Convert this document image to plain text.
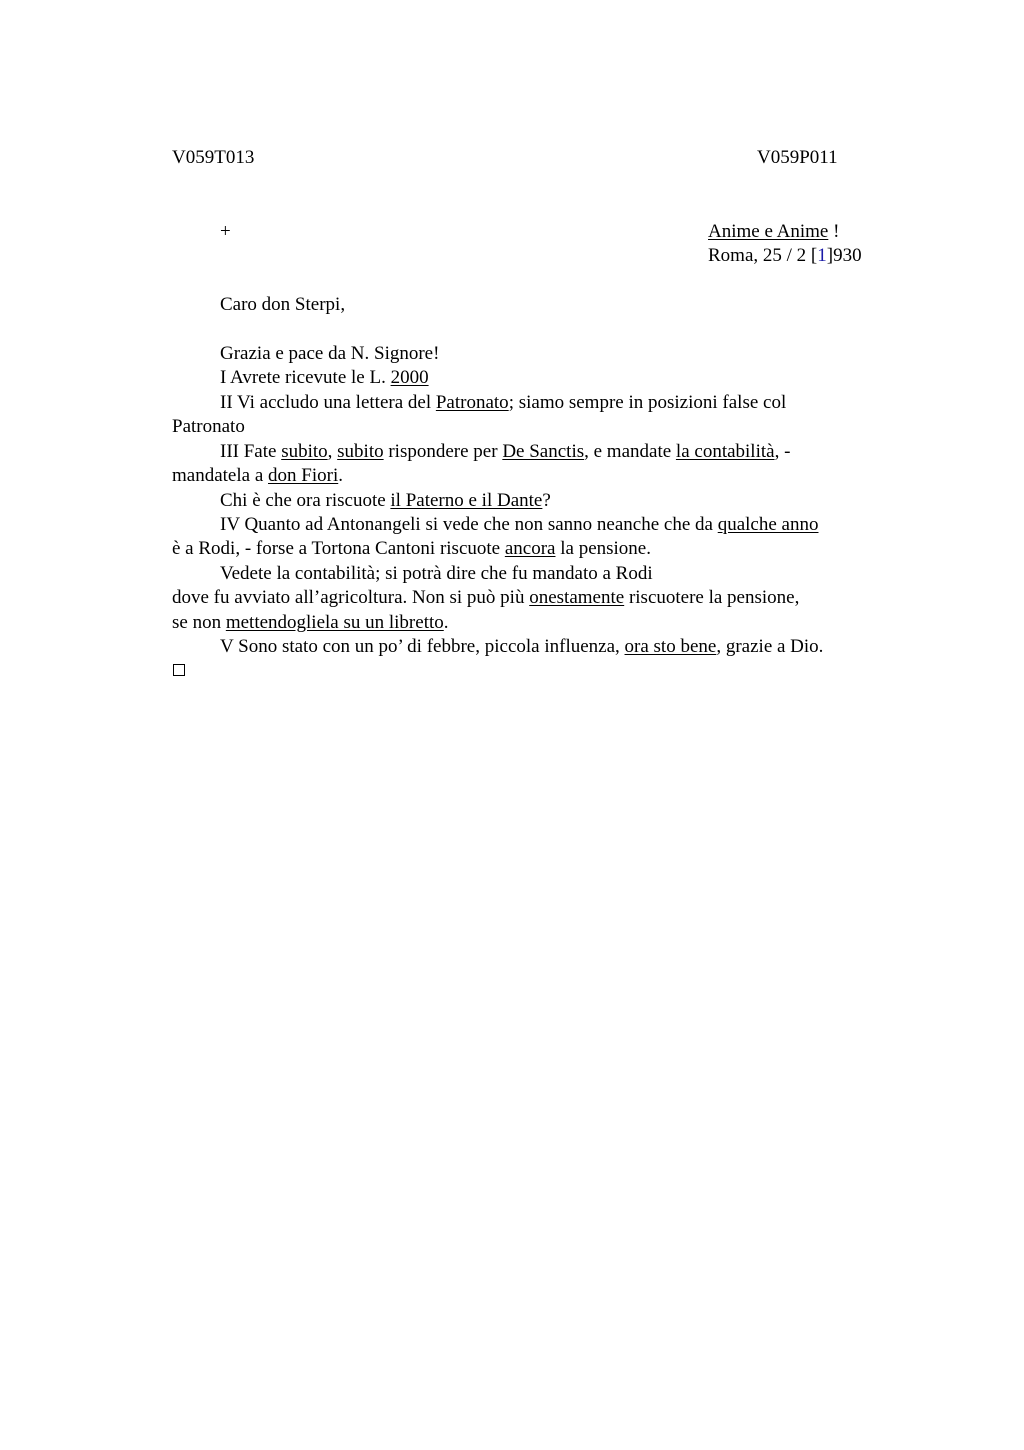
V059T013	V059P011
+	Anime e Anime !
Roma, 25 / 2 [1]930
Caro don Sterpi,
Grazia e pace da N. Signore!
I Avrete ricevute le L. 2000
II Vi accludo una lettera del Patronato; siamo sempre in posizioni false col
Patronato
III Fate subito, subito rispondere per De Sanctis, e mandate la contabilità, -
mandatela a don Fiori.
Chi è che ora riscuote il Paterno e il Dante?
IV Quanto ad Antonangeli si vede che non sanno neanche che da qualche anno
è a Rodi, - forse a Tortona Cantoni riscuote ancora la pensione.
Vedete la contabilità; si potrà dire che fu mandato a Rodi
dove fu avviato all’agricoltura. Non si può più onestamente riscuotere la pensione,
se non mettendogliela su un libretto.
V Sono stato con un po’ di febbre, piccola influenza, ora sto bene, grazie a Dio.
